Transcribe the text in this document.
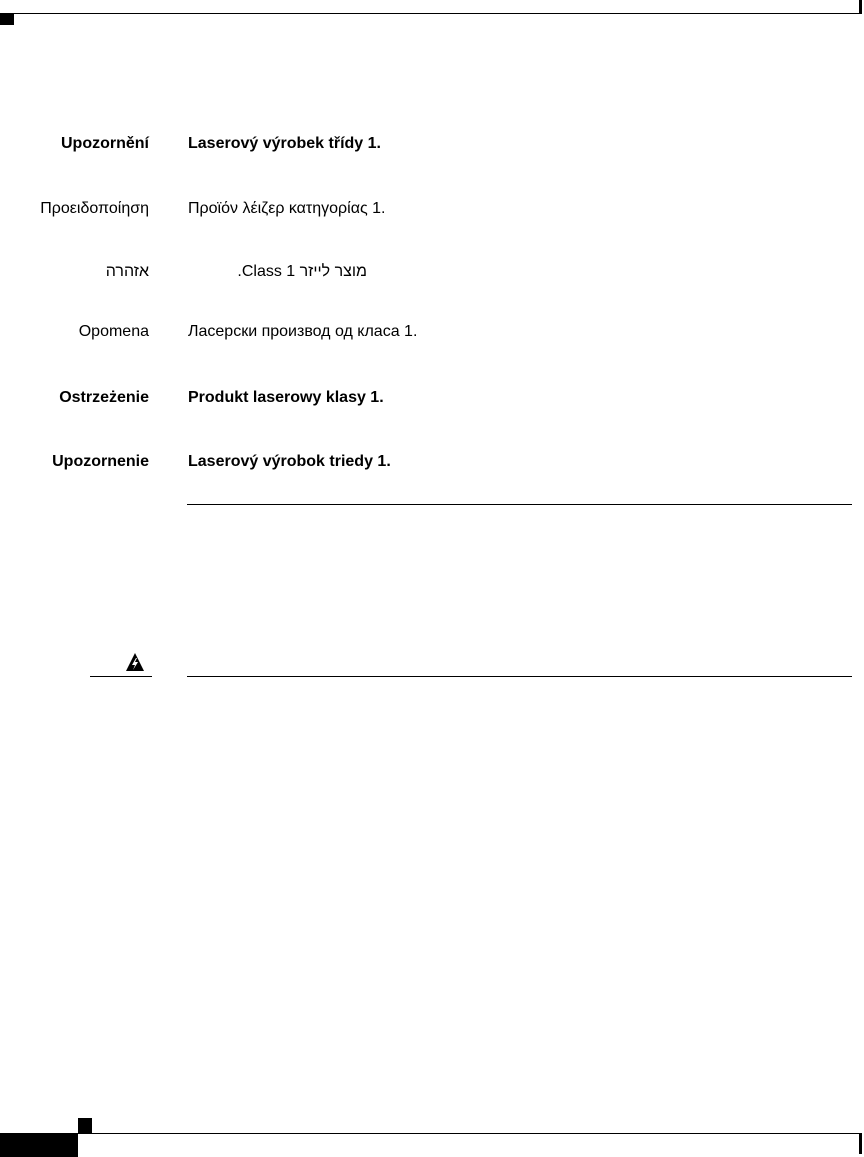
Upozornění Laserový výrobek třídy 1.
Προειδοποίηση Προϊόν λέιζερ κατηγορίας 1.
אזהרה	מוצר לייזר Class 1.
Opomena Ласерски производ од класа 1.
Ostrzeżenie Produkt laserowy klasy 1.
Upozornenie Laserový výrobok triedy 1.
